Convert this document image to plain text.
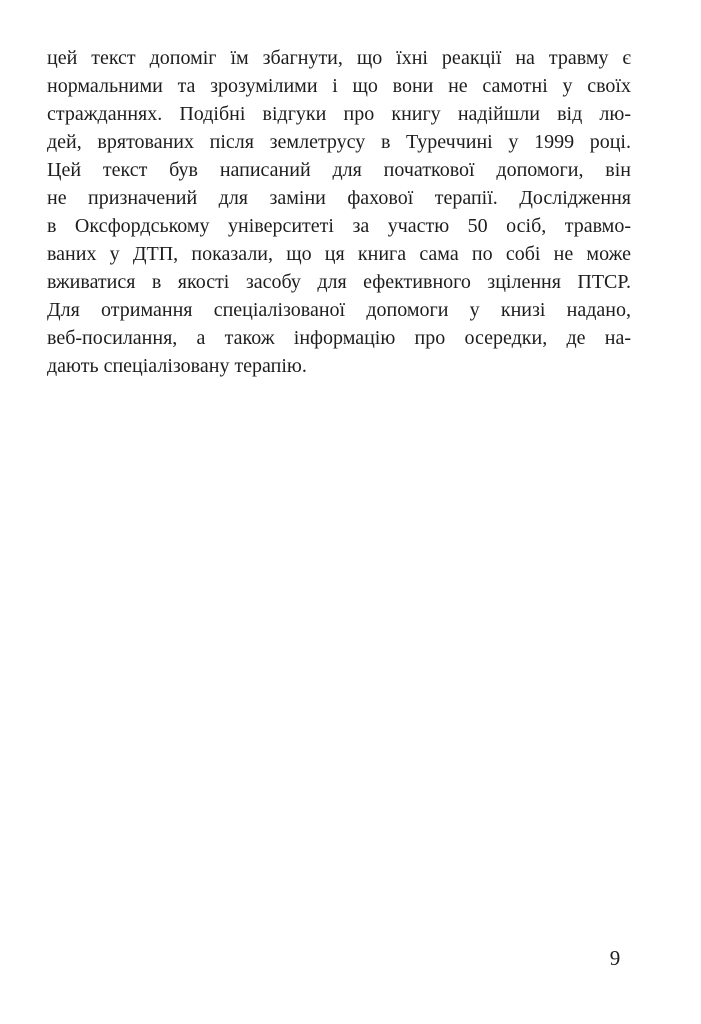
цей текст допоміг їм збагнути, що їхні реакції на травму є
нормальними та зрозумілими і що вони не самотні у своїх
стражданнях. Подібні відгуки про книгу надійшли від лю-
дей, врятованих після землетрусу в Туреччині у 1999 році.
Цей текст був написаний для початкової допомоги, він
не призначений для заміни фахової терапії. Дослідження
в Оксфордському університеті за участю 50 осіб, травмо-
ваних у ДТП, показали, що ця книга сама по собі не може
вживатися в якості засобу для ефективного зцілення ПТСР.
Для отримання спеціалізованої допомоги у книзі надано,
веб-посилання, а також інформацію про осередки, де на-
дають спеціалізовану терапію.
9
